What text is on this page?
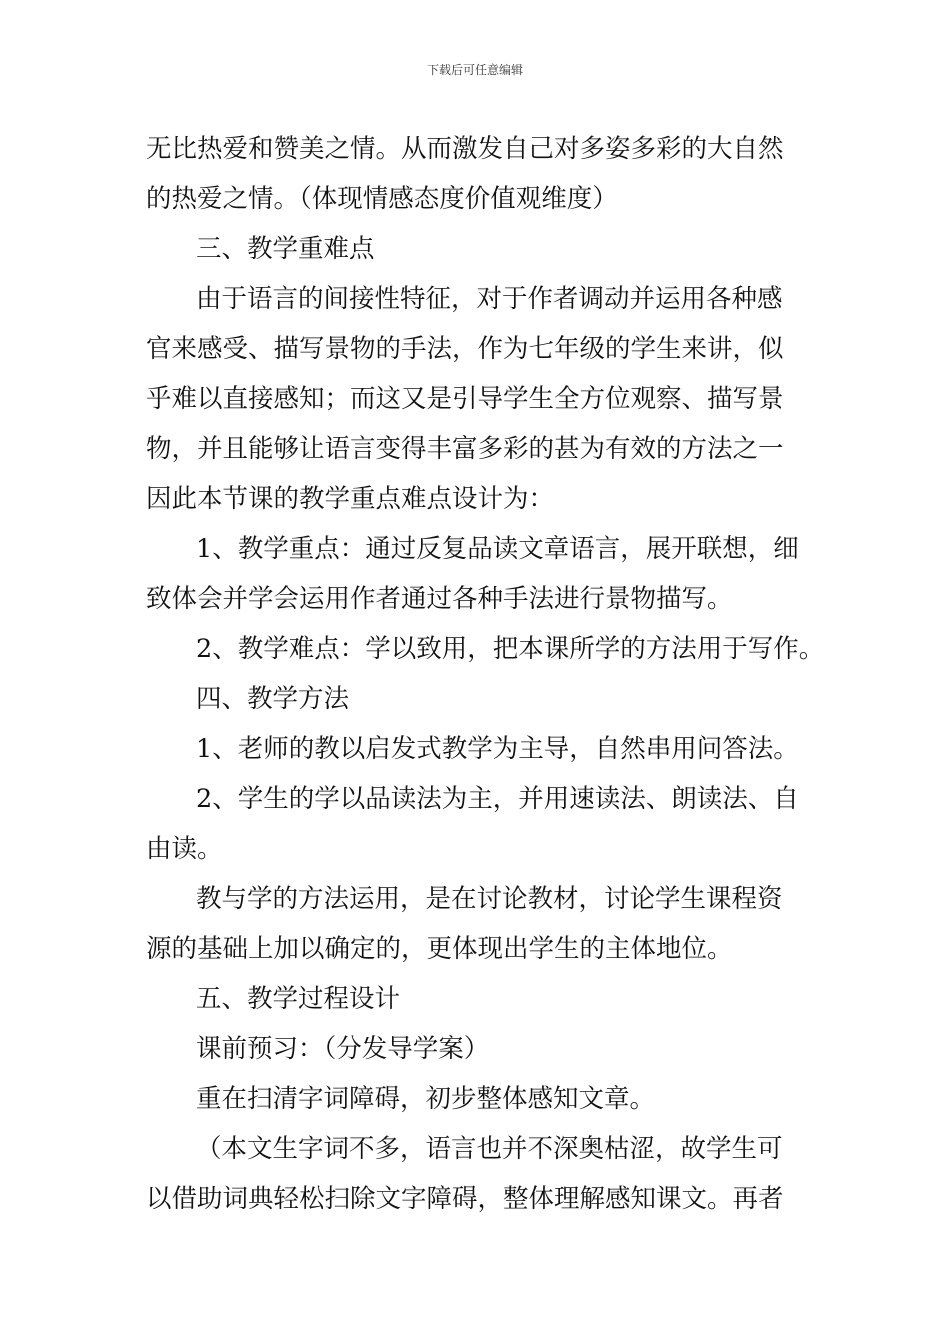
下载后可任意编辑
无比热爱和赞美之情。从而激发自己对多姿多彩的大自然
的热爱之情。（体现情感态度价值观维度）
三、教学重难点
由于语言的间接性特征，对于作者调动并运用各种感
官来感受、描写景物的手法，作为七年级的学生来讲，似
乎难以直接感知；而这又是引导学生全方位观察、描写景
物，并且能够让语言变得丰富多彩的甚为有效的方法之一
因此本节课的教学重点难点设计为：
1、教学重点：通过反复品读文章语言，展开联想，细
致体会并学会运用作者通过各种手法进行景物描写。
2、教学难点：学以致用，把本课所学的方法用于写作。
四、教学方法
1、老师的教以启发式教学为主导，自然串用问答法。
2、学生的学以品读法为主，并用速读法、朗读法、自
由读。
教与学的方法运用，是在讨论教材，讨论学生课程资
源的基础上加以确定的，更体现出学生的主体地位。
五、教学过程设计
课前预习：（分发导学案）
重在扫清字词障碍，初步整体感知文章。
（本文生字词不多，语言也并不深奥枯涩，故学生可
以借助词典轻松扫除文字障碍，整体理解感知课文。再者
